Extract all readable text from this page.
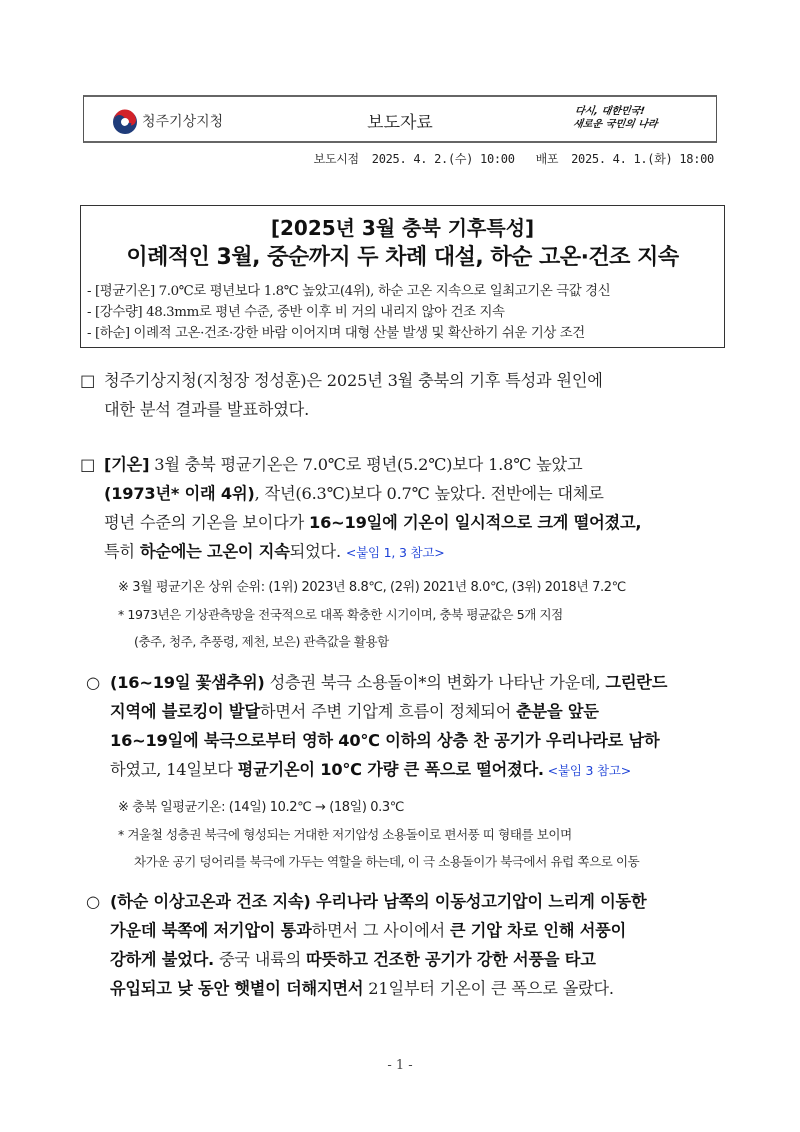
청주기상지청	보도자료
다시, 대한민국!
새로운 국민의 나라
보도시점 2025. 4. 2.(수) 10:00 배포 2025. 4. 1.(화) 18:00
[2025년 3월 충북 기후특성]
이례적인 3월, 중순까지 두 차례 대설, 하순 고온·건조 지속
- [평균기온] 7.0℃로 평년보다 1.8℃ 높았고(4위), 하순 고온 지속으로 일최고기온 극값 경신
- [강수량] 48.3mm로 평년 수준, 중반 이후 비 거의 내리지 않아 건조 지속
- [하순] 이례적 고온·건조·강한 바람 이어지며 대형 산불 발생 및 확산하기 쉬운 기상 조건
□ 청주기상지청(지청장 정성훈)은 2025년 3월 충북의 기후 특성과 원인에
대한 분석 결과를 발표하였다.
□ [기온] 3월 충북 평균기온은 7.0℃로 평년(5.2℃)보다 1.8℃ 높았고
(1973년* 이래 4위), 작년(6.3℃)보다 0.7℃ 높았다. 전반에는 대체로
평년 수준의 기온을 보이다가 16~19일에 기온이 일시적으로 크게 떨어졌고,
특히 하순에는 고온이 지속되었다. <붙임 1, 3 참고>
※ 3월 평균기온 상위 순위: (1위) 2023년 8.8℃, (2위) 2021년 8.0℃, (3위) 2018년 7.2℃
* 1973년은 기상관측망을 전국적으로 대폭 확충한 시기이며, 충북 평균값은 5개 지점
(충주, 청주, 추풍령, 제천, 보은) 관측값을 활용함
○ (16~19일 꽃샘추위) 성층권 북극 소용돌이*의 변화가 나타난 가운데, 그린란드
지역에 블로킹이 발달하면서 주변 기압계 흐름이 정체되어 춘분을 앞둔
16~19일에 북극으로부터 영하 40℃ 이하의 상층 찬 공기가 우리나라로 남하
하였고, 14일보다 평균기온이 10℃ 가량 큰 폭으로 떨어졌다. <붙임 3 참고>
※ 충북 일평균기온: (14일) 10.2℃ → (18일) 0.3℃
* 겨울철 성층권 북극에 형성되는 거대한 저기압성 소용돌이로 편서풍 띠 형태를 보이며
차가운 공기 덩어리를 북극에 가두는 역할을 하는데, 이 극 소용돌이가 북극에서 유럽 쪽으로 이동
○ (하순 이상고온과 건조 지속) 우리나라 남쪽의 이동성고기압이 느리게 이동한
가운데 북쪽에 저기압이 통과하면서 그 사이에서 큰 기압 차로 인해 서풍이
강하게 불었다. 중국 내륙의 따뜻하고 건조한 공기가 강한 서풍을 타고
유입되고 낮 동안 햇볕이 더해지면서 21일부터 기온이 큰 폭으로 올랐다.
- 1 -
